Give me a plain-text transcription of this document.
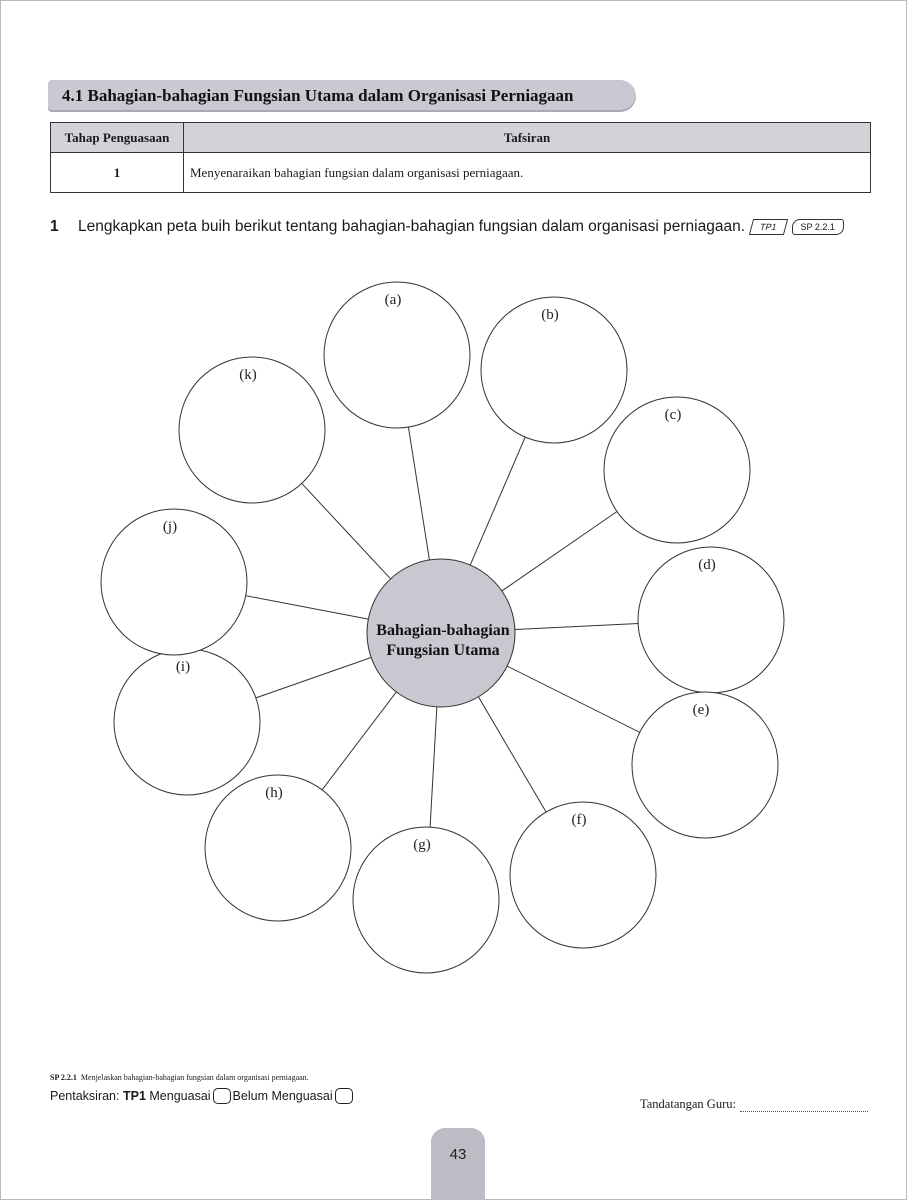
4.1 Bahagian-bahagian Fungsian Utama dalam Organisasi Perniagaan
Tahap Penguasaan	Tafsiran
1	Menyenaraikan bahagian fungsian dalam organisasi perniagaan.
1	Lengkapkan peta buih berikut tentang bahagian-bahagian fungsian dalam organisasi perniagaan.	TP1	SP 2.2.1
(a)
(b)
(c)
(d)
(e)
(f)
(g)
(h)
(i)
(j)
(k)
Bahagian-bahagian
Fungsian Utama
SP 2.2.1 Menjelaskan bahagian-bahagian fungsian dalam organisasi perniagaan.
Pentaksiran:
TP1
Menguasai Belum Menguasai
Tandatangan Guru:
43
